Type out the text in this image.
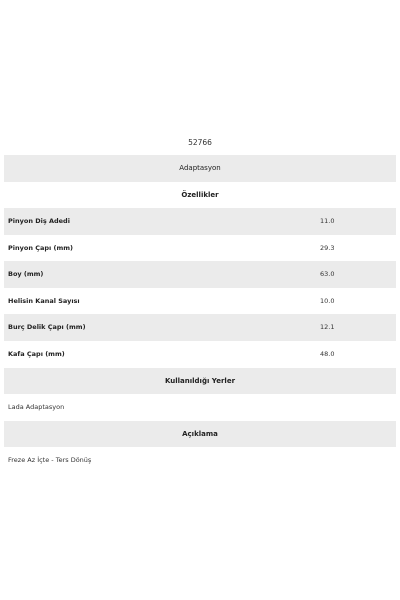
52766
Adaptasyon
Özellikler
Pinyon Diş Adedi	11.0
Pinyon Çapı (mm)	29.3
Boy (mm)	63.0
Helisin Kanal Sayısı	10.0
Burç Delik Çapı (mm)	12.1
Kafa Çapı (mm)	48.0
Kullanıldığı Yerler
Lada Adaptasyon
Açıklama
Freze Az İçte - Ters Dönüş
